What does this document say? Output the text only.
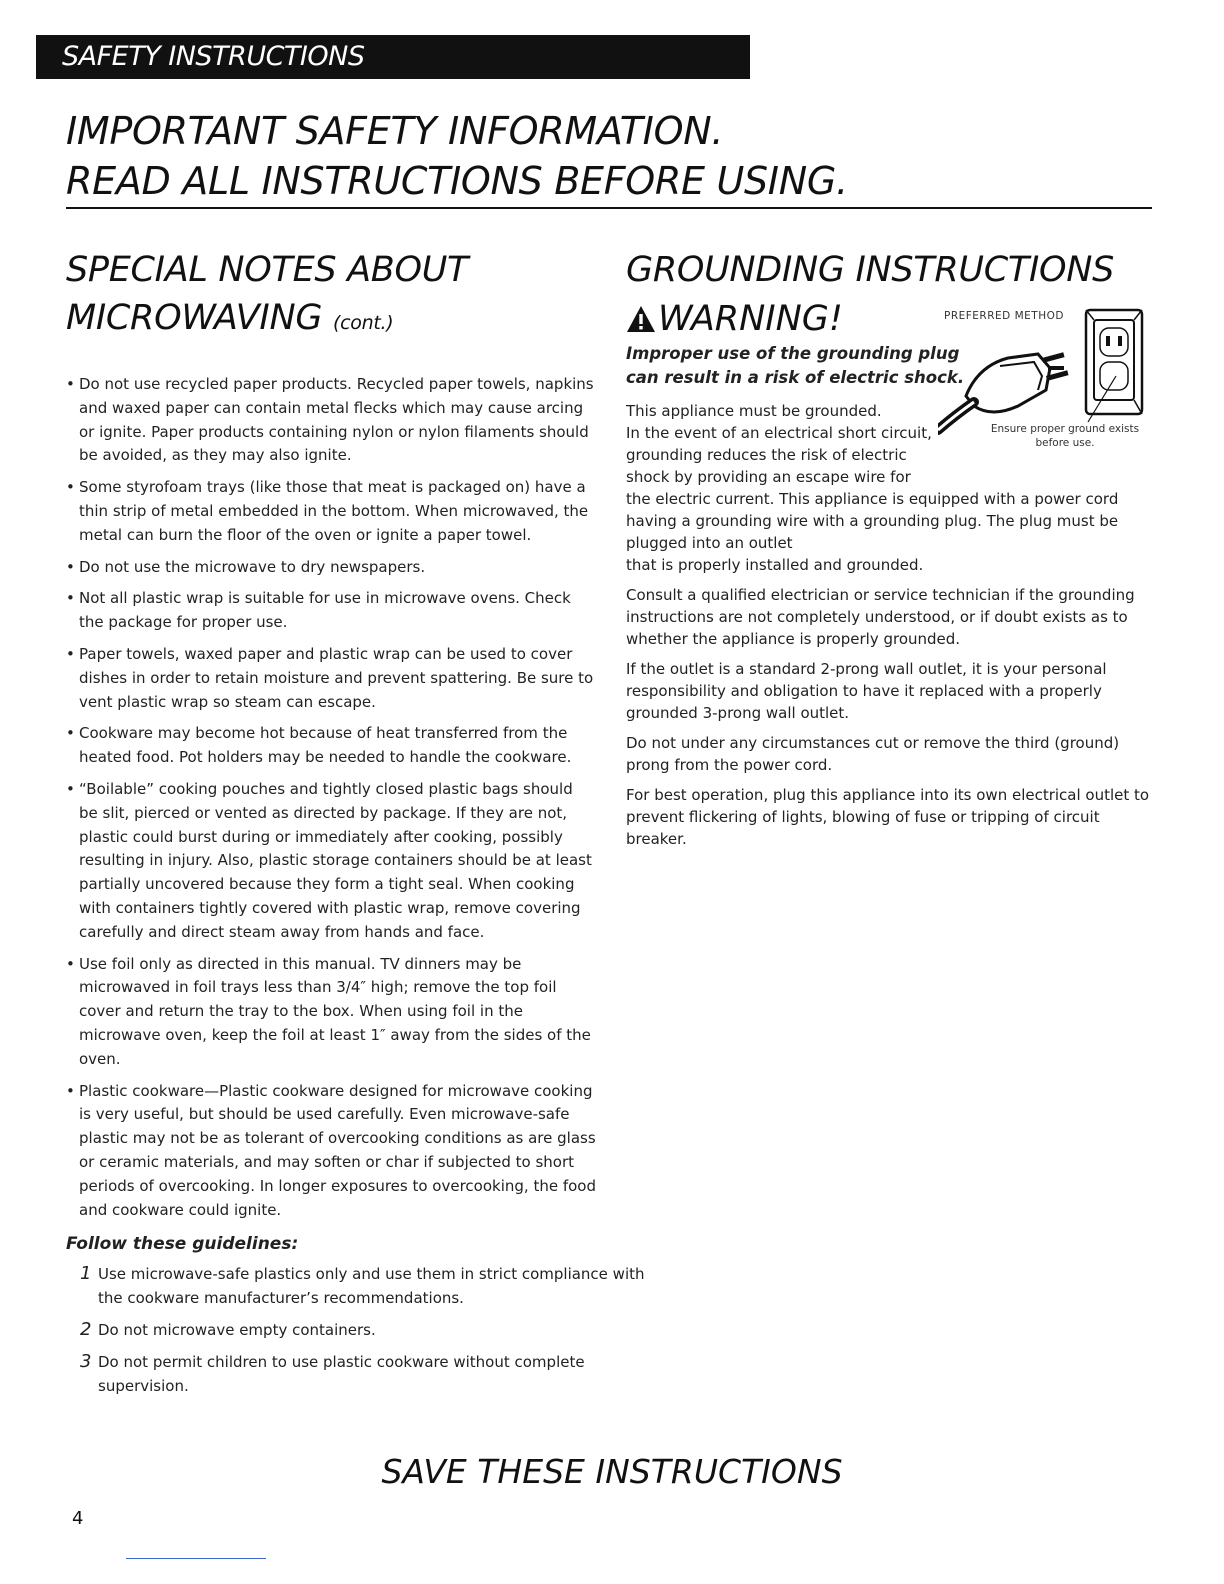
SAFETY INSTRUCTIONS
IMPORTANT SAFETY INFORMATION.
READ ALL INSTRUCTIONS BEFORE USING.
SPECIAL NOTES ABOUT
MICROWAVING (cont.)
• Do not use recycled paper products. Recycled paper towels, napkins and waxed paper can contain metal flecks which may cause arcing or ignite. Paper products containing nylon or nylon filaments should be avoided, as they may also ignite.
• Some styrofoam trays (like those that meat is packaged on) have a thin strip of metal embedded in the bottom. When microwaved, the metal can burn the floor of the oven or ignite a paper towel.
• Do not use the microwave to dry newspapers.
• Not all plastic wrap is suitable for use in microwave ovens. Check the package for proper use.
• Paper towels, waxed paper and plastic wrap can be used to cover dishes in order to retain moisture and prevent spattering. Be sure to vent plastic wrap so steam can escape.
• Cookware may become hot because of heat transferred from the heated food. Pot holders may be needed to handle the cookware.
• “Boilable” cooking pouches and tightly closed plastic bags should be slit, pierced or vented as directed by package. If they are not, plastic could burst during or immediately after cooking, possibly resulting in injury. Also, plastic storage containers should be at least partially uncovered because they form a tight seal. When cooking with containers tightly covered with plastic wrap, remove covering carefully and direct steam away from hands and face.
• Use foil only as directed in this manual. TV dinners may be microwaved in foil trays less than 3/4″ high; remove the top foil cover and return the tray to the box. When using foil in the microwave oven, keep the foil at least 1″ away from the sides of the oven.
• Plastic cookware—Plastic cookware designed for microwave cooking is very useful, but should be used carefully. Even microwave-safe plastic may not be as tolerant of overcooking conditions as are glass or ceramic materials, and may soften or char if subjected to short periods of overcooking. In longer exposures to overcooking, the food and cookware could ignite.
Follow these guidelines:
1 Use microwave-safe plastics only and use them in strict compliance with the cookware manufacturer’s recommendations.
2 Do not microwave empty containers.
3 Do not permit children to use plastic cookware without complete supervision.
GROUNDING INSTRUCTIONS
WARNING!	PREFERRED METHOD
Ensure proper ground exists before use.
Improper use of the grounding plug
can result in a risk of electric shock.
This appliance must be grounded.
In the event of an electrical short circuit,
grounding reduces the risk of electric
shock by providing an escape wire for
the electric current. This appliance is equipped with a power cord having a grounding wire with a grounding plug. The plug must be plugged into an outlet
that is properly installed and grounded.

Consult a qualified electrician or service technician if the grounding instructions are not completely understood, or if doubt exists as to whether the appliance is properly grounded.

If the outlet is a standard 2-prong wall outlet, it is your personal responsibility and obligation to have it replaced with a properly grounded 3-prong wall outlet.

Do not under any circumstances cut or remove the third (ground) prong from the power cord.

For best operation, plug this appliance into its own electrical outlet to prevent flickering of lights, blowing of fuse or tripping of circuit breaker.

SAVE THESE INSTRUCTIONS
4
